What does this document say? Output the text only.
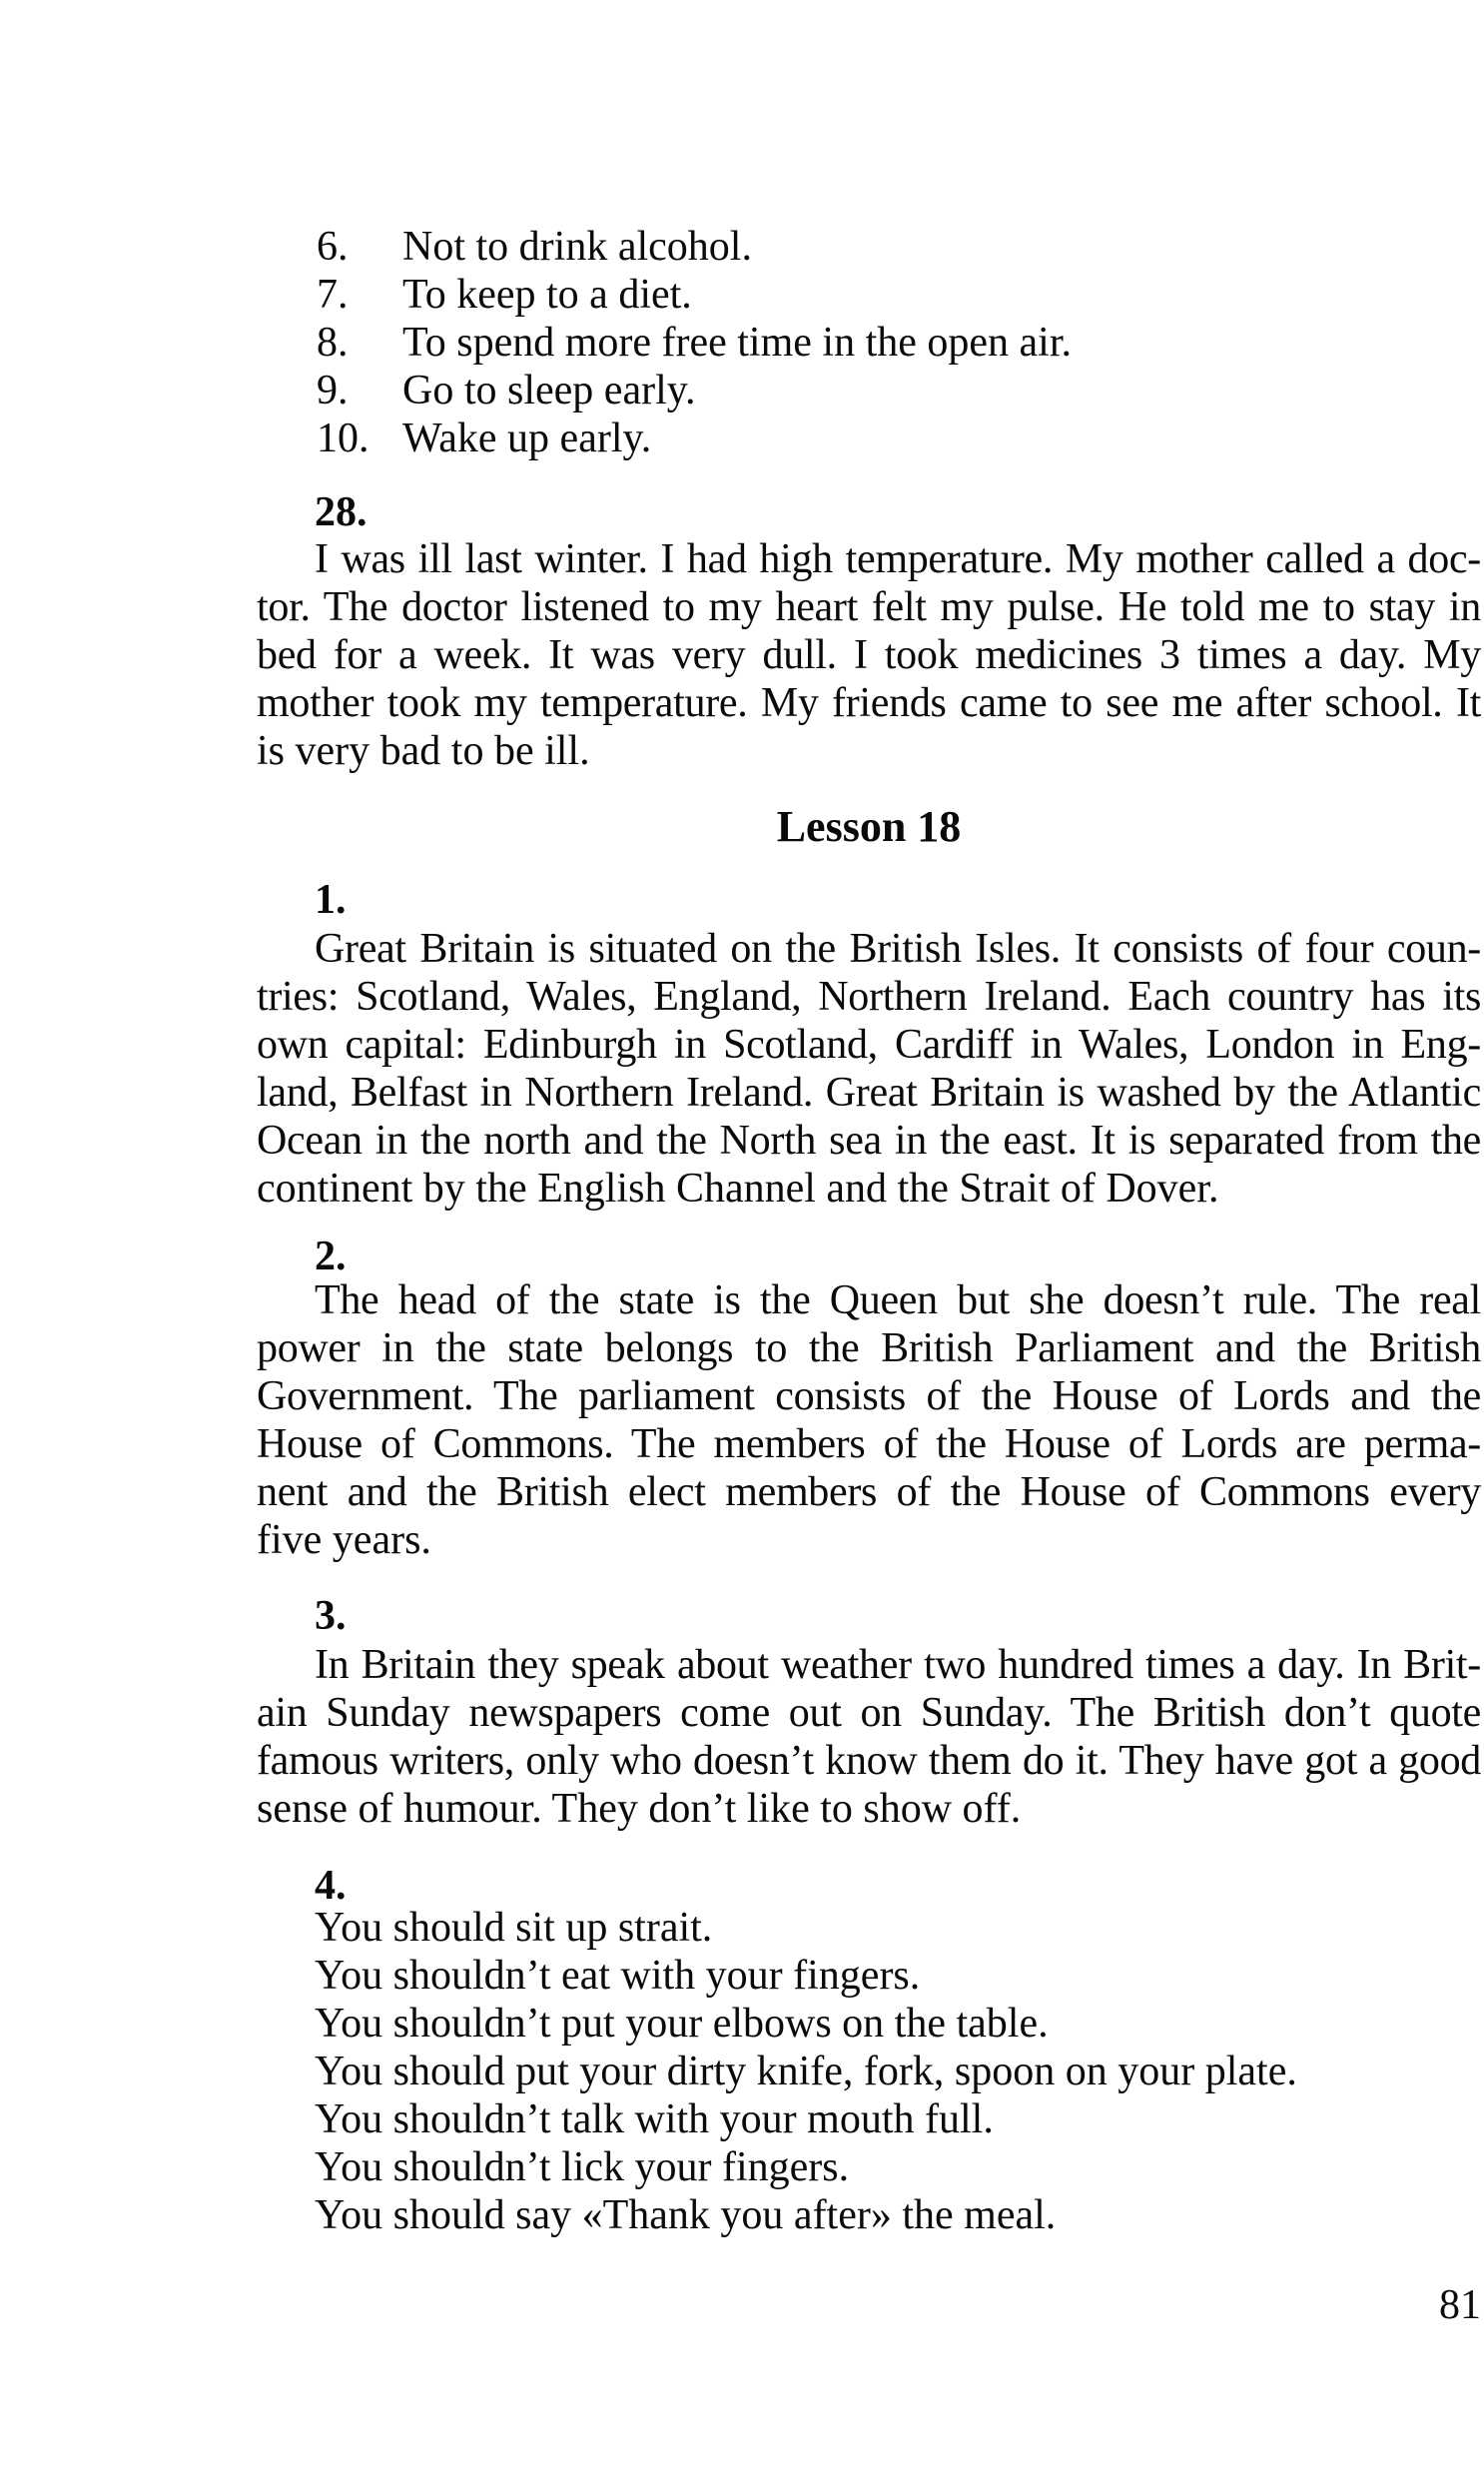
6.	Not to drink alcohol.
7.	To keep to a diet.
8.	To spend more free time in the open air.
9.	Go to sleep early.
10. Wake up early.
28.
I was ill last winter. I had high temperature. My mother called a doc-
tor. The doctor listened to my heart felt my pulse. He told me to stay in
bed for a week. It was very dull. I took medicines 3 times a day. My
mother took my temperature. My friends came to see me after school. It
is very bad to be ill.
Lesson 18
1.
Great Britain is situated on the British Isles. It consists of four coun-
tries: Scotland, Wales, England, Northern Ireland. Each country has its
own capital: Edinburgh in Scotland, Cardiff in Wales, London in Eng-
land, Belfast in Northern Ireland. Great Britain is washed by the Atlantic
Ocean in the north and the North sea in the east. It is separated from the
continent by the English Channel and the Strait of Dover.
2.
The head of the state is the Queen but she doesn’t rule. The real
power in the state belongs to the British Parliament and the British
Government. The parliament consists of the House of Lords and the
House of Commons. The members of the House of Lords are perma-
nent and the British elect members of the House of Commons every
five years.
3.
In Britain they speak about weather two hundred times a day. In Brit-
ain Sunday newspapers come out on Sunday. The British don’t quote
famous writers, only who doesn’t know them do it. They have got a good
sense of humour. They don’t like to show off.
4.
You should sit up strait.
You shouldn’t eat with your fingers.
You shouldn’t put your elbows on the table.
You should put your dirty knife, fork, spoon on your plate.
You shouldn’t talk with your mouth full.
You shouldn’t lick your fingers.
You should say «Thank you after» the meal.
81
